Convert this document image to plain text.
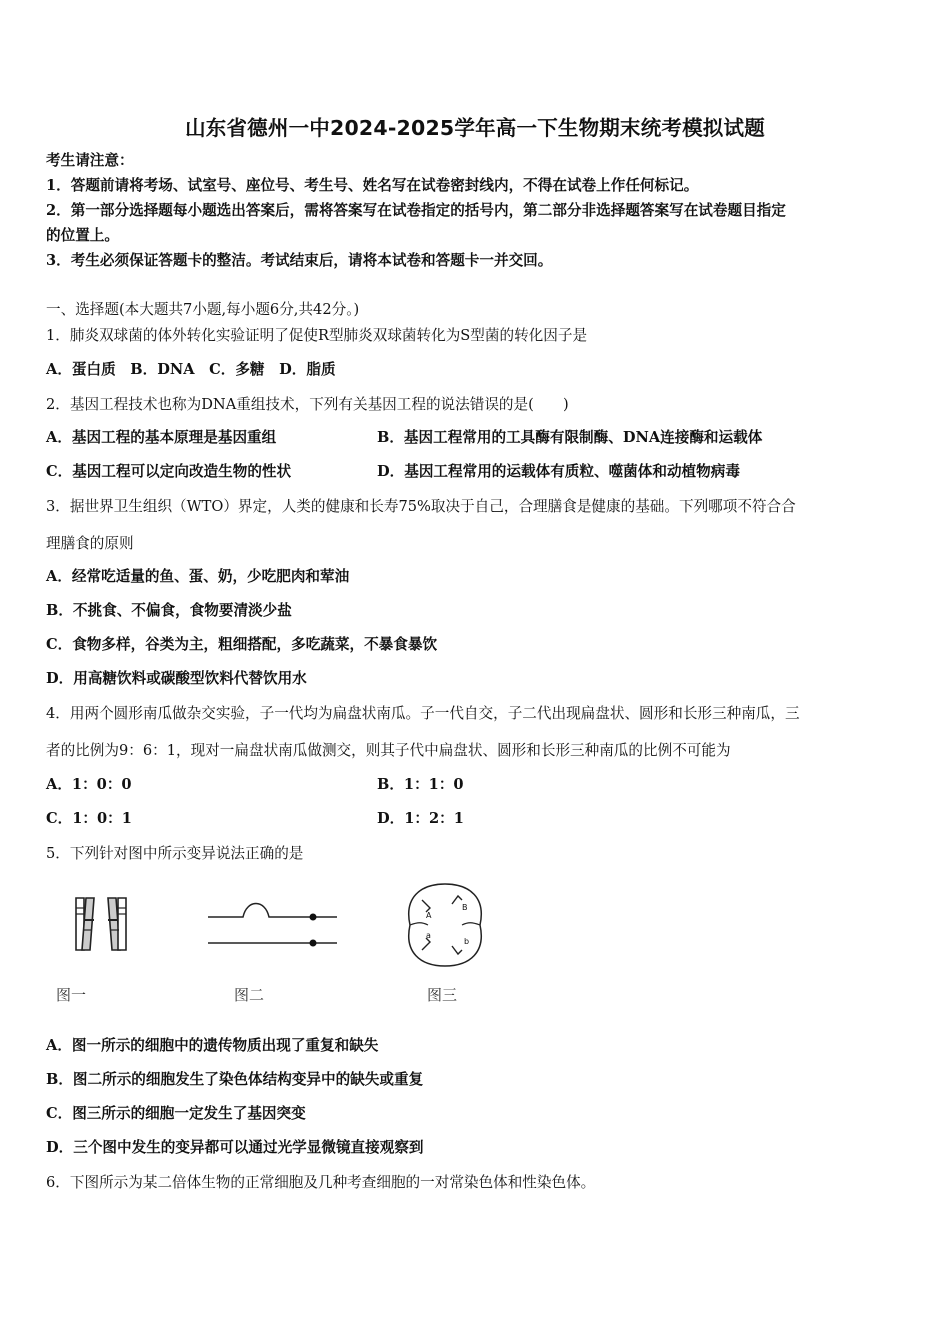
山东省德州一中2024-2025学年高一下生物期末统考模拟试题
考生请注意：
1．答题前请将考场、试室号、座位号、考生号、姓名写在试卷密封线内，不得在试卷上作任何标记。
2．第一部分选择题每小题选出答案后，需将答案写在试卷指定的括号内，第二部分非选择题答案写在试卷题目指定
的位置上。
3．考生必须保证答题卡的整洁。考试结束后，请将本试卷和答题卡一并交回。
一、选择题(本大题共7小题,每小题6分,共42分。)
1．肺炎双球菌的体外转化实验证明了促使R型肺炎双球菌转化为S型菌的转化因子是
A．蛋白质　B．DNA　C．多糖　D．脂质
2．基因工程技术也称为DNA重组技术，下列有关基因工程的说法错误的是(　　)
A．基因工程的基本原理是基因重组	B．基因工程常用的工具酶有限制酶、DNA连接酶和运载体
C．基因工程可以定向改造生物的性状	D．基因工程常用的运载体有质粒、噬菌体和动植物病毒
3．据世界卫生组织（WTO）界定，人类的健康和长寿75%取决于自己，合理膳食是健康的基础。下列哪项不符合合
理膳食的原则
A．经常吃适量的鱼、蛋、奶，少吃肥肉和荤油
B．不挑食、不偏食，食物要清淡少盐
C．食物多样，谷类为主，粗细搭配，多吃蔬菜，不暴食暴饮
D．用高糖饮料或碳酸型饮料代替饮用水
4．用两个圆形南瓜做杂交实验，子一代均为扁盘状南瓜。子一代自交，子二代出现扁盘状、圆形和长形三种南瓜，三
者的比例为9：6：1，现对一扁盘状南瓜做测交，则其子代中扁盘状、圆形和长形三种南瓜的比例不可能为
A．1：0：0	B．1：1：0
C．1：0：1	D．1：2：1
5．下列针对图中所示变异说法正确的是
图一	图二
A
B
a
b
图三
A．图一所示的细胞中的遗传物质出现了重复和缺失
B．图二所示的细胞发生了染色体结构变异中的缺失或重复
C．图三所示的细胞一定发生了基因突变
D．三个图中发生的变异都可以通过光学显微镜直接观察到
6．下图所示为某二倍体生物的正常细胞及几种考查细胞的一对常染色体和性染色体。
